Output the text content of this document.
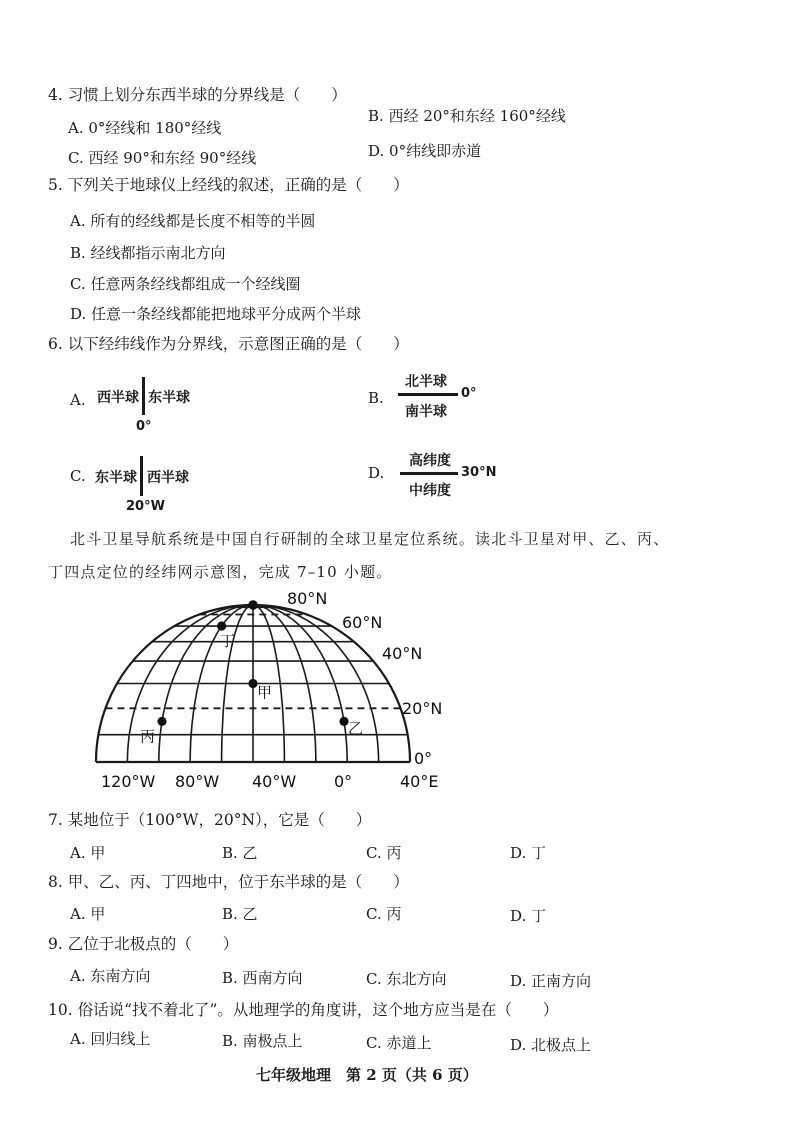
4. 习惯上划分东西半球的分界线是（　　）
A. 0°经线和 180°经线
B. 西经 20°和东经 160°经线
C. 西经 90°和东经 90°经线	D. 0°纬线即赤道
5. 下列关于地球仪上经线的叙述，正确的是（　　）
A. 所有的经线都是长度不相等的半圆
B. 经线都指示南北方向
C. 任意两条经线都组成一个经线圈
D. 任意一条经线都能把地球平分成两个半球
6. 以下经纬线作为分界线，示意图正确的是（　　）
A. 西半球 东半球
0°
B.
北半球
0°
南半球
C. 东半球 西半球
20°W
D.
高纬度
30°N
中纬度
北斗卫星导航系统是中国自行研制的全球卫星定位系统。读北斗卫星对甲、乙、丙、
丁四点定位的经纬网示意图，完成 7–10 小题。
甲
乙
丙
丁
80°N
60°N
40°N
20°N
0°
120°W 80°W 40°W 0°	40°E
7. 某地位于（100°W，20°N），它是（　　）
A. 甲	B. 乙	C. 丙	D. 丁
8. 甲、乙、丙、丁四地中，位于东半球的是（　　）
A. 甲	B. 乙	C. 丙	D. 丁
9. 乙位于北极点的（　　）
A. 东南方向	B. 西南方向	C. 东北方向	D. 正南方向
10. 俗话说“找不着北了”。从地理学的角度讲，这个地方应当是在（　　）
A. 回归线上	B. 南极点上	C. 赤道上	D. 北极点上
七年级地理　第 2 页（共 6 页）
